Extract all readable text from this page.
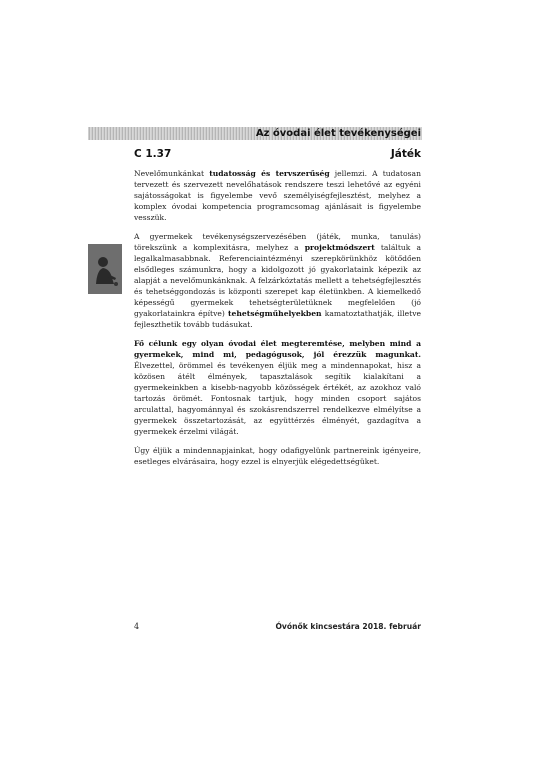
Az óvodai élet tevékenységei
C 1.37	Játék

Nevelőmunkánkat tudatosság és tervszerűség jellemzi. A tudatosan tervezett és szervezett nevelőhatások rendszere teszi lehetővé az egyéni sajátosságokat is figyelembe vevő személyiségfejlesztést, melyhez a komplex óvodai kompetencia programcsomag ajánlásait is figyelembe vesszük.

A gyermekek tevékenységszervezésében (játék, munka, tanulás) törekszünk a komplexitásra, melyhez a projektmódszert találtuk a legalkalmasabbnak. Referenciaintézményi szerepkörünkhöz kötődően elsődleges számunkra, hogy a kidolgozott jó gyakorlataink képezik az alapját a nevelőmunkánknak. A felzárkóztatás mellett a tehetségfejlesztés és tehetséggondozás is központi szerepet kap életünkben. A kiemelkedő képességű gyermekek tehetségterületüknek megfelelően (jó gyakorlatainkra építve) tehetségműhelyekben kamatoztathatják, illetve fejleszthetik tovább tudásukat.

Fő célunk egy olyan óvodai élet megteremtése, melyben mind a gyermekek, mind mi, pedagógusok, jól érezzük magunkat. Élvezettel, örömmel és tevékenyen éljük meg a mindennapokat, hisz a közösen átélt élmények, tapasztalások segítik kialakítani a gyermekeinkben a kisebb-nagyobb közösségek értékét, az azokhoz való tartozás örömét. Fontosnak tartjuk, hogy minden csoport sajátos arculattal, hagyománnyal és szokásrendszerrel rendelkezve elmélyítse a gyermekek összetartozását, az együttérzés élményét, gazdagítva a gyermekek érzelmi világát.

Úgy éljük a mindennapjainkat, hogy odafigyelünk partnereink igényeire, esetleges elvárásaira, hogy ezzel is elnyerjük elégedettségüket.

4	Óvónők kincsestára 2018. február
